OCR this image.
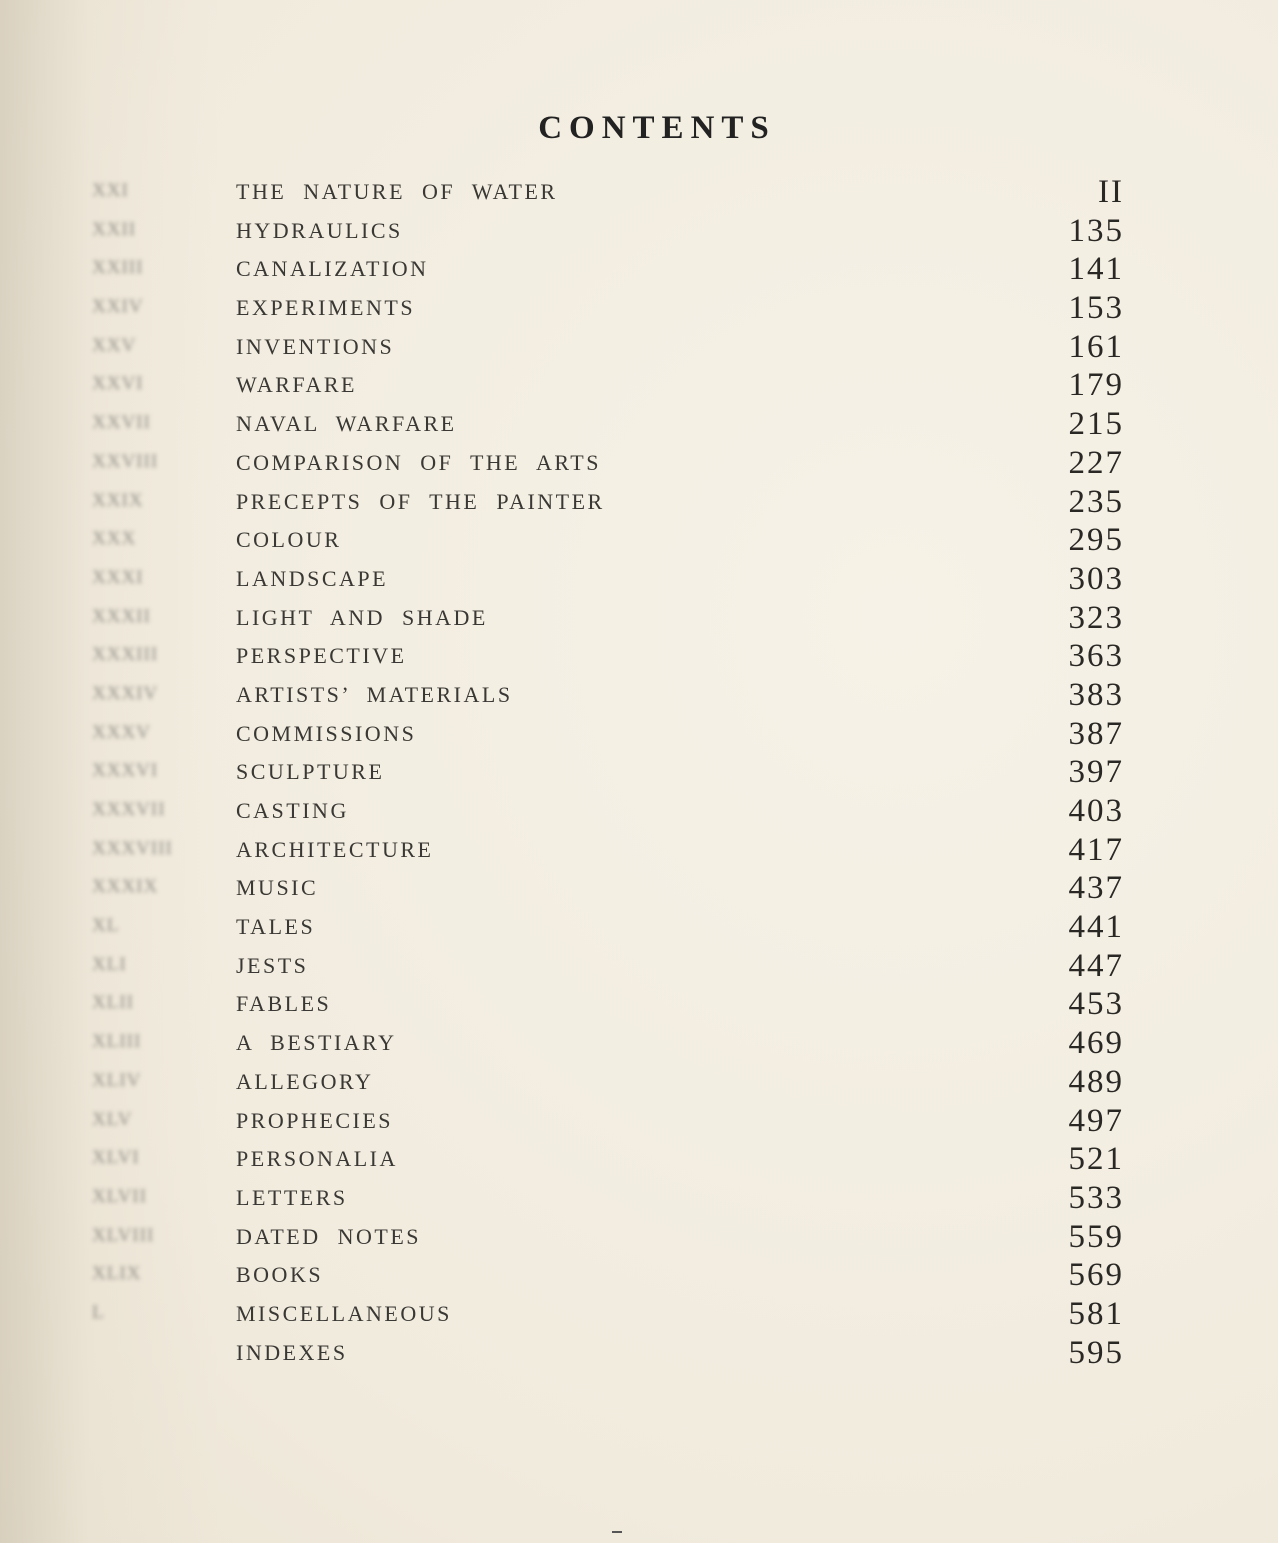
CONTENTS
XXI	THE NATURE OF WATER	II
XXII	HYDRAULICS	135
XXIII	CANALIZATION	141
XXIV	EXPERIMENTS	153
XXV	INVENTIONS	161
XXVI	WARFARE	179
XXVII	NAVAL WARFARE	215
XXVIII	COMPARISON OF THE ARTS	227
XXIX	PRECEPTS OF THE PAINTER	235
XXX	COLOUR	295
XXXI	LANDSCAPE	303
XXXII	LIGHT AND SHADE	323
XXXIII	PERSPECTIVE	363
XXXIV	ARTISTS’ MATERIALS	383
XXXV	COMMISSIONS	387
XXXVI	SCULPTURE	397
XXXVII	CASTING	403
XXXVIII	ARCHITECTURE	417
XXXIX	MUSIC	437
XL	TALES	441
XLI	JESTS	447
XLII	FABLES	453
XLIII	A BESTIARY	469
XLIV	ALLEGORY	489
XLV	PROPHECIES	497
XLVI	PERSONALIA	521
XLVII	LETTERS	533
XLVIII	DATED NOTES	559
XLIX	BOOKS	569
L	MISCELLANEOUS	581
INDEXES	595
